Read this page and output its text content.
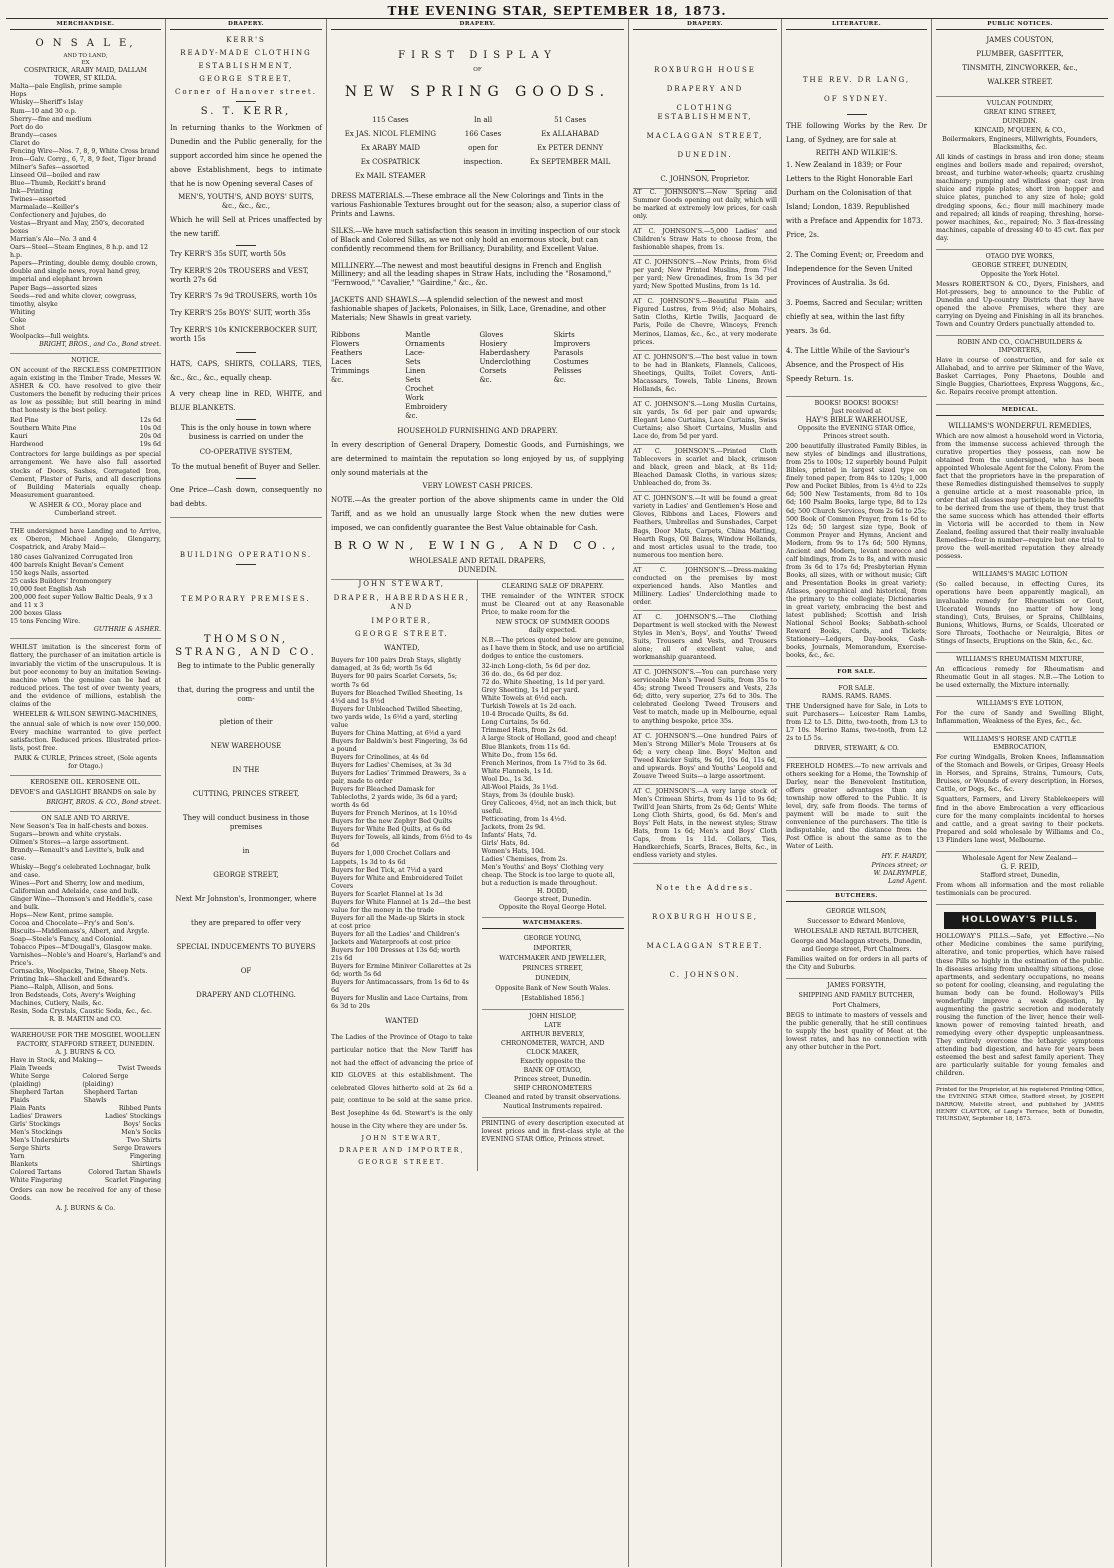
THE EVENING STAR, SEPTEMBER 18, 1873.
MERCHANDISE.
O N S A L E,
AND TO LAND,
EX
COSPATRICK, ARABY MAID, DALLAM TOWER, ST KILDA.
Malta—pale English, prime sample
Hops
Whisky—Sheriff's Islay
Rum—10 and 30 o.p.
Sherry—fine and medium
Port do do
Brandy—cases
Claret do
Fencing Wire—Nos. 7, 8, 9, White Cross brand
Iron—Galv. Corrg., 6, 7, 8, 9 feet, Tiger brand
Milner's Safes—assorted
Linseed Oil—boiled and raw
Blue—Thumb, Reckitt's brand
Ink—Printing
Twines—assorted
Marmalade—Keiller's
Confectionery and Jujubes, do
Vestas—Bryant and May, 250's, decorated boxes
Marrian's Ale—No. 3 and 4
Oars—Steel—Steam Engines, 8 h.p. and 12 h.p.
Papers—Printing, double demy, double crown, double and single news, royal hand grey, imperial and elephant brown
Paper Bags—assorted sizes
Seeds—red and white clover, cowgrass, timothy, alsyke
Whiting
Coke
Shot
Woolpacks—full weights.
BRIGHT, BROS., and Co., Bond street.
NOTICE.

ON account of the RECKLESS COMPETITION again existing in the Timber Trade, Messrs W. ASHER & CO. have resolved to give their Customers the benefit by reducing their prices as low as possible; but still bearing in mind that honesty is the best policy.

Red Pine	12s 6d
Southern White Pine	10s 0d
Kauri	20s 0d
Hardwood	19s 6d

Contractors for large buildings as per special arrangement. We have also full assorted stocks of Doors, Sashes, Corrugated Iron, Cement, Plaster of Paris, and all descriptions of Building Materials equally cheap. Measurement guaranteed.

W. ASHER & CO., Moray place and Cumberland street.

THE undersigned have Landing and to Arrive, ex Oberon, Michael Angelo, Glengarry, Cospatrick, and Araby Maid—

180 cases Galvanized Corrugated Iron
400 barrels Knight Bevan's Cement
150 kegs Nails, assorted
25 casks Builders' Ironmongery
10,000 feet English Ash
200,000 feet super Yellow Baltic Deals, 9 x 3 and 11 x 3
200 boxes Glass
15 tons Fencing Wire.
GUTHRIE & ASHER.

WHILST imitation is the sincerest form of flattery, the purchaser of an imitation article is invariably the victim of the unscrupulous. It is but poor economy to buy an imitation Sewing-machine when the genuine can be had at reduced prices. The test of over twenty years, and the evidence of millions, establish the claims of the

WHEELER & WILSON SEWING-MACHINES,

the annual sale of which is now over 150,000. Every machine warranted to give perfect satisfaction. Reduced prices. Illustrated price-lists, post free.

PARK & CURLE, Princes street, (Sole agents for Otago.)
KEROSENE OIL. KEROSENE OIL.

DEVOE'S and GASLIGHT BRANDS on sale by

BRIGHT, BROS. & CO., Bond street.
ON SALE AND TO ARRIVE.
New Season's Tea in half-chests and boxes.
Sugars—brown and white crystals.
Oilmen's Stores—a large assortment.
Brandy—Renault's and Levitte's, bulk and case.
Whisky—Begg's celebrated Lochnagar, bulk and case.
Wines—Port and Sherry, low and medium, Californian and Adelaide, case and bulk.
Ginger Wine—Thomson's and Heddle's, case and bulk.
Hops—New Kent, prime sample.
Cocoa and Chocolate—Fry's and Son's.
Biscuits—Middlemass's, Albert, and Argyle.
Soap—Steele's Fancy, and Colonial.
Tobacco Pipes—M'Dougall's, Glasgow make.
Varnishes—Noble's and Hoare's, Harland's and Price's.
Cornsacks, Woolpacks, Twine, Sheep Nets.
Printing Ink—Shackell and Edward's.
Piano—Ralph, Allison, and Sons.
Iron Bedsteads, Cots, Avery's Weighing Machines, Cutlery, Nails, &c.
Resin, Soda Crystals, Caustic Soda, &c., &c.
R. B. MARTIN and CO.
WAREHOUSE FOR THE MOSGIEL WOOLLEN FACTORY, STAFFORD STREET, DUNEDIN.
A. J. BURNS & CO.
Have in Stock, and Making—
Plain Tweeds	Twist Tweeds
White Serge (plaiding)
Colored Serge (plaiding)
Shepherd Tartan Plaids
Shepherd Tartan Shawls
Plain Pants	Ribbed Pants
Ladies' Drawers	Ladies' Stockings
Girls' Stockings	Boys' Socks
Men's Stockings	Men's Socks
Men's Undershirts	Two Shirts
Serge Shirts	Serge Drawers
Yarn	Fingering
Blankets	Shirtings
Colored Tartans	Colored Tartan Shawls
White Fingering	Scarlet Fingering

Orders can now be received for any of these Goods.

A. J. BURNS & Co.
DRAPERY.
KERR'S
READY-MADE CLOTHING
ESTABLISHMENT,
GEORGE STREET,
Corner of Hanover street.
S. T. KERR,

In returning thanks to the Workmen of Dunedin and the Public generally, for the support accorded him since he opened the above Establishment, begs to intimate that he is now Opening several Cases of

MEN'S, YOUTH'S, AND BOYS' SUITS, &c., &c., &c.,

Which he will Sell at Prices unaffected by the new tariff.

Try KERR'S 35s SUIT, worth 50s
Try KERR'S 20s TROUSERS and VEST, worth 27s 6d
Try KERR'S 7s 9d TROUSERS, worth 10s
Try KERR'S 25s BOYS' SUIT, worth 35s
Try KERR'S 10s KNICKERBOCKER SUIT, worth 15s

HATS, CAPS, SHIRTS, COLLARS, TIES, &c., &c., &c., equally cheap.

A very cheap line in RED, WHITE, and BLUE BLANKETS.

This is the only house in town where business is carried on under the
CO-OPERATIVE SYSTEM,
To the mutual benefit of Buyer and Seller.

One Price—Cash down, consequently no bad debts.

BUILDING OPERATIONS.
TEMPORARY PREMISES.
THOMSON, STRANG, AND CO.
Beg to intimate to the Public generally
that, during the progress and until the com-
pletion of their
NEW WAREHOUSE
IN THE
CUTTING, PRINCES STREET,
They will conduct business in those premises
in
GEORGE STREET,
Next Mr Johnston's, Ironmonger, where
they are prepared to offer very
SPECIAL INDUCEMENTS TO BUYERS
OF
DRAPERY AND CLOTHING.
DRAPERY.
FIRST DISPLAY
OF
NEW SPRING GOODS.
115 Cases
Ex JAS. NICOL FLEMING
Ex ARABY MAID
Ex COSPATRICK
Ex MAIL STEAMER
In all
166 Cases
open for
inspection.
51 Cases
Ex ALLAHABAD
Ex PETER DENNY
Ex SEPTEMBER MAIL
DRESS MATERIALS.—These embrace all the New Colorings and Tints in the various Fashionable Textures brought out for the season; also, a superior class of Prints and Lawns.
SILKS.—We have much satisfaction this season in inviting inspection of our stock of Black and Colored Silks, as we not only hold an enormous stock, but can confidently recommend them for Brilliancy, Durability, and Excellent Value.
MILLINERY.—The newest and most beautiful designs in French and English Millinery; and all the leading shapes in Straw Hats, including the "Rosamond," "Fernwood," "Cavalier," "Gairdine," &c., &c.
JACKETS AND SHAWLS.—A splendid selection of the newest and most fashionable shapes of Jackets, Polonaises, in Silk, Lace, Grenadine, and other Materials; New Shawls in great variety.
Ribbons
Flowers
Feathers
Laces
Trimmings
&c.
Mantle Ornaments
Lace-Sets
Linen Sets
Crochet Work
Embroidery
&c.
Gloves
Hosiery
Haberdashery
Underclothing
Corsets
&c.
Skirts
Improvers
Parasols
Costumes
Pelisses
&c.
HOUSEHOLD FURNISHING AND DRAPERY.

In every description of General Drapery, Domestic Goods, and Furnishings, we are determined to maintain the reputation so long enjoyed by us, of supplying only sound materials at the

VERY LOWEST CASH PRICES.

NOTE.—As the greater portion of the above shipments came in under the Old Tariff, and as we hold an unusually large Stock when the new duties were imposed, we can confidently guarantee the Best Value obtainable for Cash.

BROWN, EWING, AND CO.,
WHOLESALE AND RETAIL DRAPERS,
DUNEDIN.
JOHN STEWART,
DRAPER, HABERDASHER, AND
IMPORTER,
GEORGE STREET.
WANTED,
Buyers for 100 pairs Drab Stays, slightly damaged, at 3s 6d; worth 5s 6d
Buyers for 90 pairs Scarlet Corsets, 5s; worth 7s 6d
Buyers for Bleached Twilled Sheeting, 1s 4½d and 1s 8½d
Buyers for Unbleached Twilled Sheeting, two yards wide, 1s 6½d a yard, sterling value
Buyers for China Matting, at 6½d a yard
Buyers for Baldwin's best Fingering, 3s 6d a pound
Buyers for Crinolines, at 4s 6d
Buyers for Ladies' Chemises, at 3s 3d
Buyers for Ladies' Trimmed Drawers, 3s a pair, made to order
Buyers for Bleached Damask for Tablecloths, 2 yards wide, 3s 6d a yard; worth 4s 6d
Buyers for French Merinos, at 1s 10½d
Buyers for the new Zephyr Bed Quilts
Buyers for White Bed Quilts, at 6s 6d
Buyers for Towels, all kinds, from 6½d to 4s 6d
Buyers for 1,000 Crochet Collars and Lappets, 1s 3d to 4s 6d
Buyers for Bed Tick, at 7½d a yard
Buyers for White and Embroidered Toilet Covers
Buyers for Scarlet Flannel at 1s 3d
Buyers for White Flannel at 1s 2d—the best value for the money in the trade
Buyers for all the Made-up Skirts in stock at cost price
Buyers for all the Ladies' and Children's Jackets and Waterproofs at cost price
Buyers for 100 Dresses at 13s 6d; worth 21s 6d
Buyers for Ermine Miniver Collarettes at 2s 6d; worth 5s 6d
Buyers for Antimacassars, from 1s 6d to 4s 6d
Buyers for Muslin and Lace Curtains, from 6s 3d to 20s
WANTED

The Ladies of the Province of Otago to take particular notice that the New Tariff has not had the effect of advancing the price of KID GLOVES at this establishment. The celebrated Gloves hitherto sold at 2s 6d a pair, continue to be sold at the same price. Best Josephine 4s 6d. Stewart's is the only house in the City where they are under 5s.

JOHN STEWART,
DRAPER AND IMPORTER,
GEORGE STREET.
CLEARING SALE OF DRAPERY.

THE remainder of the WINTER STOCK must be Cleared out at any Reasonable Price, to make room for the

NEW STOCK OF SUMMER GOODS
daily expected.

N.B.—The prices quoted below are genuine, as I have them in Stock, and use no artificial dodges to entice the customers.

32-inch Long-cloth, 5s 6d per doz.
36 do. do., 6s 6d per doz.
72 do. White Sheeting, 1s 1d per yard.
Grey Sheeting, 1s 1d per yard.
White Towels at 6½d each.
Turkish Towels at 1s 2d each.
10-4 Brocade Quilts, 8s 6d.
Long Curtains, 5s 6d.
Trimmed Hats, from 2s 6d.
A large Stock of Holland, good and cheap!
Blue Blankets, from 11s 6d.
White Do., from 15s 6d.
French Merinos, from 1s 7½d to 3s 6d.
White Flannels, 1s 1d.
Wool Do., 1s 3d.
All-Wool Plaids, 3s 1½d.
Stays, from 3s (double busk).
Grey Calicoes, 4½d, not an inch thick, but useful.
Petticoating, from 1s 4½d.
Jackets, from 2s 9d.
Infants' Hats, 7d.
Girls' Hats, 8d.
Women's Hats, 10d.
Ladies' Chemises, from 2s.
Men's Youths' and Boys' Clothing very cheap. The Stock is too large to quote all, but a reduction is made throughout.
H. DODD,
George street, Dunedin.
Opposite the Royal George Hotel.
WATCHMAKERS.
GEORGE YOUNG,
IMPORTER,
WATCHMAKER AND JEWELLER,
PRINCES STREET,
DUNEDIN,
Opposite Bank of New South Wales.
[Established 1856.]
JOHN HISLOP,
LATE
ARTHUR BEVERLY,
CHRONOMETER, WATCH, AND
CLOCK MAKER,
Exactly opposite the
BANK OF OTAGO,
Princes street, Dunedin.
SHIP CHRONOMETERS
Cleaned and rated by transit observations.
Nautical Instruments repaired.

PRINTING of every description executed at lowest prices and in first-class style at the EVENING STAR Office, Princes street.

DRAPERY.
ROXBURGH HOUSE
DRAPERY AND
CLOTHING ESTABLISHMENT,
MACLAGGAN STREET,
DUNEDIN.
C. JOHNSON, Proprietor.
AT C. JOHNSON'S.—New Spring and Summer Goods opening out daily, which will be marked at extremely low prices, for cash only.
AT C. JOHNSON'S.—5,000 Ladies' and Children's Straw Hats to choose from, the fashionable shapes, from 1s.
AT C. JOHNSON'S.—New Prints, from 6½d per yard; New Printed Muslins, from 7½d per yard; New Grenadines, from 1s 3d per yard; New Spotted Muslins, from 1s 1d.
AT C. JOHNSON'S.—Beautiful Plain and Figured Lustres, from 9½d; also Mohairs, Satin Cloths, Kirtle Twills, Jacquard de Paris, Poile de Chevre, Winceys, French Merinos, Llamas, &c., &c., at very moderate prices.
AT C. JOHNSON'S.—The best value in town to be had in Blankets, Flannels, Calicoes, Sheetings, Quilts, Toilet Covers, Anti-Macassars, Towels, Table Linens, Brown Hollands, &c.
AT C. JOHNSON'S.—Long Muslin Curtains, six yards, 5s 6d per pair and upwards; Elegant Leno Curtains, Lace Curtains, Swiss Curtains; also Short Curtains, Muslin and Lace do, from 5d per yard.
AT C. JOHNSON'S.—Printed Cloth Tablecovers in scarlet and black, crimson and black, green and black, at 8s 11d; Bleached Damask Cloths, in various sizes; Unbleached do, from 3s.
AT C. JOHNSON'S.—It will be found a great variety in Ladies' and Gentlemen's Hose and Gloves, Ribbons and Laces, Flowers and Feathers, Umbrellas and Sunshades, Carpet Bags, Door Mats, Carpets, China Matting, Hearth Rugs, Oil Baizes, Window Hollands, and most articles usual to the trade, too numerous too mention here.
AT C. JOHNSON'S.—Dress-making conducted on the premises by most experienced hands. Also Mantles and Millinery. Ladies' Underclothing made to order.
AT C. JOHNSON'S.—The Clothing Department is well stocked with the Newest Styles in Men's, Boys', and Youths' Tweed Suits, Trousers and Vests, and Trousers alone; all of excellent value, and workmanship guaranteed.
AT C. JOHNSON'S.—You can purchase very serviceable Men's Tweed Suits, from 35s to 45s; strong Tweed Trousers and Vests, 23s 6d; ditto, very superior, 27s 6d to 30s. The celebrated Geelong Tweed Trousers and Vest to match, made up in Melbourne, equal to anything bespoke, price 35s.
AT C. JOHNSON'S.—One hundred Pairs of Men's Strong Miller's Mole Trousers at 6s 6d; a very cheap line. Boys' Melton and Tweed Knicker Suits, 9s 6d, 10s 6d, 11s 6d, and upwards. Boys' and Youths' Leopold and Zouave Tweed Suits—a large assortment.
AT C. JOHNSON'S.—A very large stock of Men's Crimean Shirts, from 4s 11d to 9s 6d; Twill'd Jean Shirts, from 2s 6d; Gents' White Long Cloth Shirts, good, 6s 6d. Men's and Boys' Felt Hats, in the newest styles; Straw Hats, from 1s 6d; Men's and Boys' Cloth Caps, from 1s 11d. Collars, Ties, Handkerchiefs, Scarfs, Braces, Belts, &c., in endless variety and styles.
Note the Address.
ROXBURGH HOUSE,
MACLAGGAN STREET.
C. JOHNSON.
LITERATURE.
THE REV. DR LANG,
OF SYDNEY.

THE following Works by the Rev. Dr Lang, of Sydney, are for sale at

REITH AND WILKIE'S.
1. New Zealand in 1839; or Four Letters to the Right Honorable Earl Durham on the Colonisation of that Island; London, 1839. Republished with a Preface and Appendix for 1873. Price, 2s.
2. The Coming Event; or, Freedom and Independence for the Seven United Provinces of Australia. 3s 6d.
3. Poems, Sacred and Secular; written chiefly at sea, within the last fifty years. 3s 6d.
4. The Little While of the Saviour's Absence, and the Prospect of His Speedy Return. 1s.
BOOKS! BOOKS! BOOKS!
Just received at
HAY'S BIBLE WAREHOUSE,
Opposite the EVENING STAR Office, Princes street south.

200 beautifully illustrated Family Bibles, in new styles of bindings and illustrations, from 25s to 100s; 12 superbly bound Pulpit Bibles, printed in largest sized type on finely toned paper, from 84s to 120s; 1,000 Pew and Pocket Bibles, from 1s 4½d to 22s 6d; 500 New Testaments, from 8d to 10s 6d; 160 Psalm Books, large type, 8d to 12s 6d; 500 Church Services, from 2s 6d to 25s; 500 Book of Common Prayer, from 1s 6d to 12s 6d; 50 largest size type, Book of Common Prayer and Hymns, Ancient and Modern, from 9s to 17s 6d; 500 Hymns, Ancient and Modern, levant morocco and calf bindings, from 2s to 8s, and with music from 3s 6d to 17s 6d; Presbyterian Hymn Books, all sizes, with or without music; Gift and Presentation Books in great variety; Atlases, geographical and historical, from the primary to the collegiate; Dictionaries in great variety, embracing the best and latest published; Scottish and Irish National School Books; Sabbath-school Reward Books, Cards, and Tickets; Stationery—Ledgers, Day-books, Cash-books, Journals, Memorandum, Exercise-books, &c., &c.

FOR SALE.
FOR SALE.
RAMS. RAMS. RAMS.

THE Undersigned have for Sale, in Lots to suit Purchasers— Leicester Ram Lambs, from L2 to L5. Ditto, two-tooth, from L3 to L7 10s. Merino Rams, two-tooth, from L2 2s to L5 5s.

DRIVER, STEWART, & CO.

FREEHOLD HOMES.—To new arrivals and others seeking for a Home, the Township of Darley, near the Benevolent Institution, offers greater advantages than any township now offered to the Public. It is level, dry, safe from floods. The terms of payment will be made to suit the convenience of the purchasers. The title is indisputable, and the distance from the Post Office is about the same as to the Water of Leith.

HY. F. HARDY,
Princes street; or
W. DALRYMPLE,
Land Agent.
BUTCHERS.
GEORGE WILSON,
Successor to Edward Menlove,
WHOLESALE AND RETAIL BUTCHER,
George and Maclaggan streets, Dunedin, and George street, Port Chalmers.

Families waited on for orders in all parts of the City and Suburbs.

JAMES FORSYTH,
SHIPPING AND FAMILY BUTCHER,
Port Chalmers,

BEGS to intimate to masters of vessels and the public generally, that he still continues to supply the best quality of Meat at the lowest rates, and has no connection with any other butcher in the Port.

PUBLIC NOTICES.
JAMES COUSTON,
PLUMBER, GASFITTER,
TINSMITH, ZINCWORKER, &c.,
WALKER STREET.
VULCAN FOUNDRY,
GREAT KING STREET,
DUNEDIN.
KINCAID, M'QUEEN, & CO.,
Boilermakers, Engineers, Millwrights, Founders, Blacksmiths, &c.

All kinds of castings in brass and iron done; steam engines and boilers made and repaired; overshot, breast, and turbine water-wheels; quartz crushing machinery; pumping and windlass gear; cast iron sluice and ripple plates; short iron hopper and sluice plates, punched to any size of hole; gold dredging spoons, &c.; flour mill machinery made and repaired; all kinds of reaping, threshing, horse-power machines, &c., repaired; No. 3 flax-dressing machines, capable of dressing 40 to 45 cwt. flax per day.

OTAGO DYE WORKS,
GEORGE STREET, DUNEDIN,
Opposite the York Hotel.

Messrs ROBERTSON & CO., Dyers, Finishers, and Hot-pressers, beg to announce to the Public of Dunedin and Up-country Districts that they have opened the above Premises, where they are carrying on Dyeing and Finishing in all its branches. Town and Country Orders punctually attended to.

ROBIN AND CO., COACHBUILDERS & IMPORTERS,

Have in course of construction, and for sale ex Allahabad, and to arrive per Skimmer of the Wave, Basket Carriages, Pony Phaetons, Double and Single Buggies, Chariottees, Express Waggons, &c., &c. Repairs receive prompt attention.

MEDICAL.
WILLIAMS'S WONDERFUL REMEDIES,

Which are now almost a household word in Victoria, from the immense success achieved through the curative properties they possess, can now be obtained from the undersigned, who has been appointed Wholesale Agent for the Colony. From the fact that the proprietors have in the preparation of these Remedies distinguished themselves to supply a genuine article at a most reasonable price, in order that all classes may participate in the benefits to be derived from the use of them, they trust that the same success which has attended their efforts in Victoria will be accorded to them in New Zealand, feeling assured that their really invaluable Remedies—four in number—require but one trial to prove the well-merited reputation they already possess.

WILLIAMS'S MAGIC LOTION

(So called because, in effecting Cures, its operations have been apparently magical), an invaluable remedy for Rheumatism or Gout, Ulcerated Wounds (no matter of how long standing), Cuts, Bruises, or Sprains, Chilblains, Bunions, Whitlows, Burns, or Scalds, Ulcerated or Sore Throats, Toothache or Neuralgia, Bites or Stings of Insects, Eruptions on the Skin, &c., &c.

WILLIAMS'S RHEUMATISM MIXTURE,

An efficacious remedy for Rheumatism and Rheumatic Gout in all stages. N.B.—The Lotion to be used externally, the Mixture internally.

WILLIAMS'S EYE LOTION,

For the cure of Sandy and Swelling Blight, Inflammation, Weakness of the Eyes, &c., &c.

WILLIAMS'S HORSE AND CATTLE EMBROCATION,

For curing Windgalls, Broken Knees, Inflammation of the Stomach and Bowels, or Gripes, Greasy Heels in Horses, and Sprains, Strains, Tumours, Cuts, Bruises, or Wounds of every description, in Horses, Cattle, or Dogs, &c., &c.

Squatters, Farmers, and Livery Stablekeepers will find in the above Embrocation a very efficacious cure for the many complaints incidental to horses and cattle, and a great saving to their pockets. Prepared and sold wholesale by Williams and Co., 13 Flinders lane west, Melbourne.

Wholesale Agent for New Zealand—
G. F. REID,
Stafford street, Dunedin,

From whom all information and the most reliable testimonials can be procured.

HOLLOWAY'S PILLS.

HOLLOWAY'S PILLS.—Safe, yet Effective.—No other Medicine combines the same purifying, alterative, and tonic properties, which have raised these Pills so highly in the estimation of the public. In diseases arising from unhealthy situations, close apartments, and sedentary occupations, no means so potent for cooling, cleansing, and regulating the human body can be found. Holloway's Pills wonderfully improve a weak digestion, by augmenting the gastric secretion and moderately rousing the function of the liver, hence their well-known power of removing tainted breath, and remedying every other dyspeptic unpleasantness. They entirely overcome the lethargic symptoms attending bad digestion, and have for years been esteemed the best and safest family aperient. They are particularly suitable for young females and children.

Printed for the Proprietor, at his registered Printing Office, the EVENING STAR Office, Stafford street, by JOSEPH DARROW, Melville street, and published by JAMES HENRY CLAYTON, of Lang's Terrace, both of Dunedin, THURSDAY, September 18, 1873.
